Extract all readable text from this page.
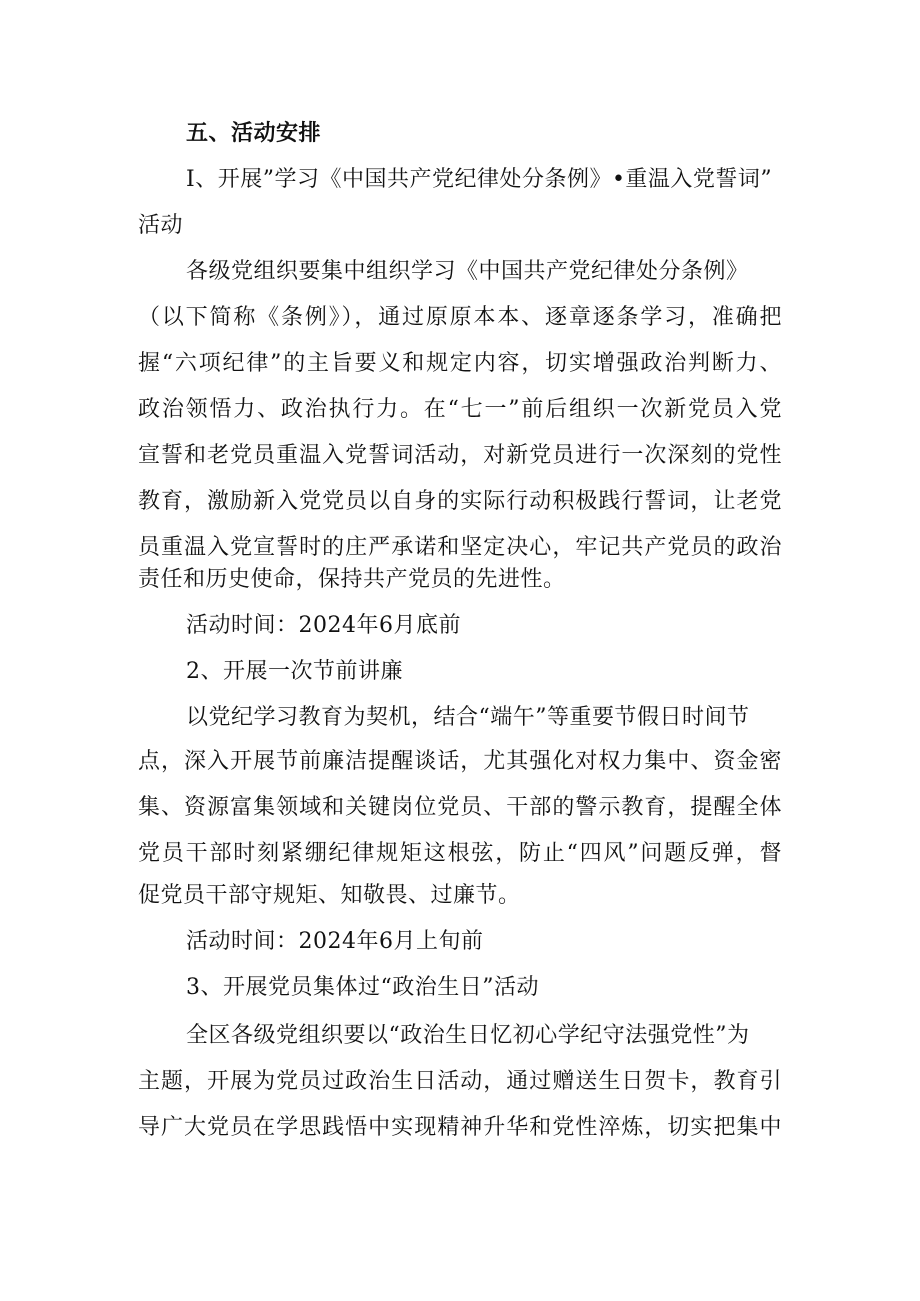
五、活动安排
I、开展”学习《中国共产党纪律处分条例》•重温入党誓词”
活动
各级党组织要集中组织学习《中国共产党纪律处分条例》
（以下简称《条例》），通过原原本本、逐章逐条学习，准确把
握“六项纪律”的主旨要义和规定内容，切实增强政治判断力、
政治领悟力、政治执行力。在“七一”前后组织一次新党员入党
宣誓和老党员重温入党誓词活动，对新党员进行一次深刻的党性
教育，激励新入党党员以自身的实际行动积极践行誓词，让老党
员重温入党宣誓时的庄严承诺和坚定决心，牢记共产党员的政治
责任和历史使命，保持共产党员的先进性。
活动时间：2024年6月底前
2、开展一次节前讲廉
以党纪学习教育为契机，结合“端午”等重要节假日时间节
点，深入开展节前廉洁提醒谈话，尤其强化对权力集中、资金密
集、资源富集领域和关键岗位党员、干部的警示教育，提醒全体
党员干部时刻紧绷纪律规矩这根弦，防止“四风”问题反弹，督
促党员干部守规矩、知敬畏、过廉节。
活动时间：2024年6月上旬前
3、开展党员集体过“政治生日”活动
全区各级党组织要以“政治生日忆初心学纪守法强党性”为
主题，开展为党员过政治生日活动，通过赠送生日贺卡，教育引
导广大党员在学思践悟中实现精神升华和党性淬炼，切实把集中
